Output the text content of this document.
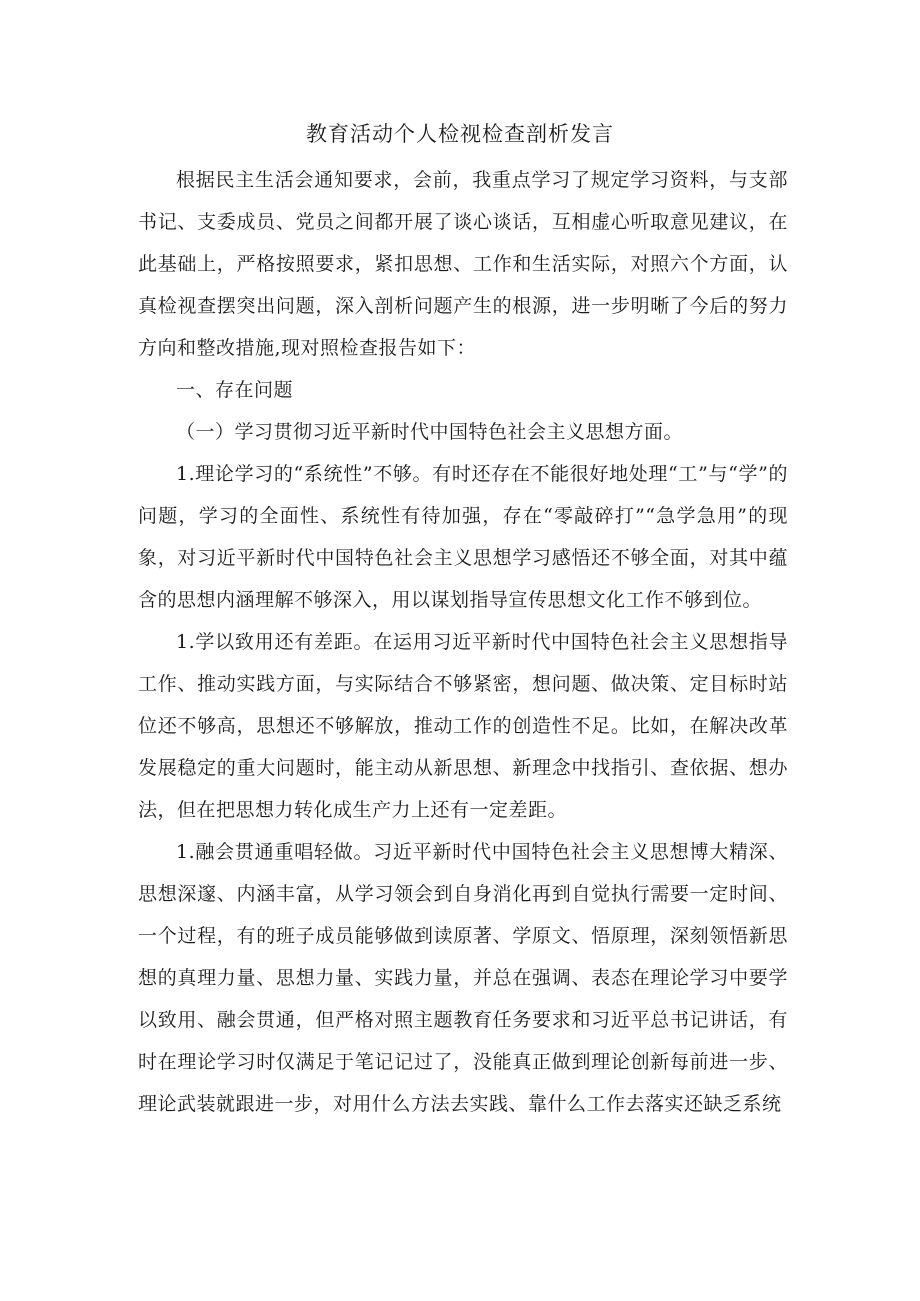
教育活动个人检视检查剖析发言

根据民主生活会通知要求，会前，我重点学习了规定学习资料，与支部书记、支委成员、党员之间都开展了谈心谈话，互相虚心听取意见建议，在此基础上，严格按照要求，紧扣思想、工作和生活实际，对照六个方面，认真检视查摆突出问题，深入剖析问题产生的根源，进一步明晰了今后的努力方向和整改措施,现对照检查报告如下：

一、存在问题

（一）学习贯彻习近平新时代中国特色社会主义思想方面。

1.理论学习的“系统性”不够。有时还存在不能很好地处理“工”与“学”的问题，学习的全面性、系统性有待加强，存在“零敲碎打”“急学急用”的现象，对习近平新时代中国特色社会主义思想学习感悟还不够全面，对其中蕴含的思想内涵理解不够深入，用以谋划指导宣传思想文化工作不够到位。

1.学以致用还有差距。在运用习近平新时代中国特色社会主义思想指导工作、推动实践方面，与实际结合不够紧密，想问题、做决策、定目标时站位还不够高，思想还不够解放，推动工作的创造性不足。比如，在解决改革发展稳定的重大问题时，能主动从新思想、新理念中找指引、查依据、想办法，但在把思想力转化成生产力上还有一定差距。

1.融会贯通重唱轻做。习近平新时代中国特色社会主义思想博大精深、思想深邃、内涵丰富，从学习领会到自身消化再到自觉执行需要一定时间、一个过程，有的班子成员能够做到读原著、学原文、悟原理，深刻领悟新思想的真理力量、思想力量、实践力量，并总在强调、表态在理论学习中要学以致用、融会贯通，但严格对照主题教育任务要求和习近平总书记讲话，有时在理论学习时仅满足于笔记记过了，没能真正做到理论创新每前进一步、理论武装就跟进一步，对用什么方法去实践、靠什么工作去落实还缺乏系统
